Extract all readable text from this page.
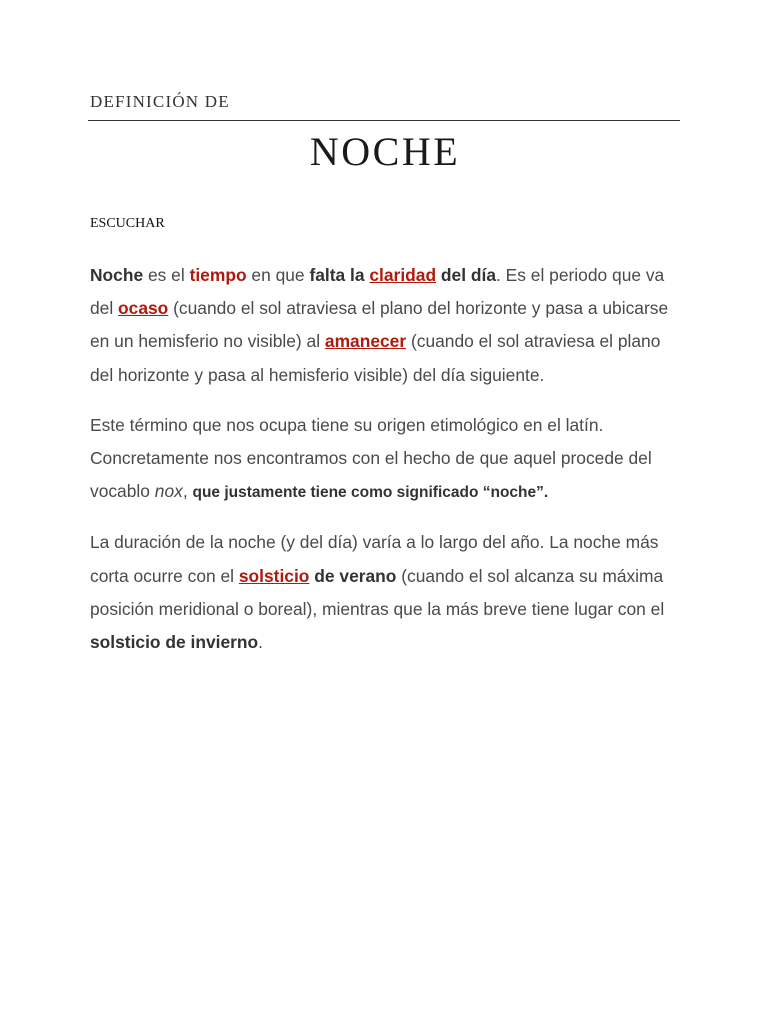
DEFINICIÓN DE
NOCHE
ESCUCHAR

Noche es el tiempo en que falta la claridad del día. Es el periodo que va del ocaso (cuando el sol atraviesa el plano del horizonte y pasa a ubicarse en un hemisferio no visible) al amanecer (cuando el sol atraviesa el plano del horizonte y pasa al hemisferio visible) del día siguiente.

Este término que nos ocupa tiene su origen etimológico en el latín. Concretamente nos encontramos con el hecho de que aquel procede del vocablo nox, que justamente tiene como significado “noche”.

La duración de la noche (y del día) varía a lo largo del año. La noche más corta ocurre con el solsticio de verano (cuando el sol alcanza su máxima posición meridional o boreal), mientras que la más breve tiene lugar con el solsticio de invierno.
